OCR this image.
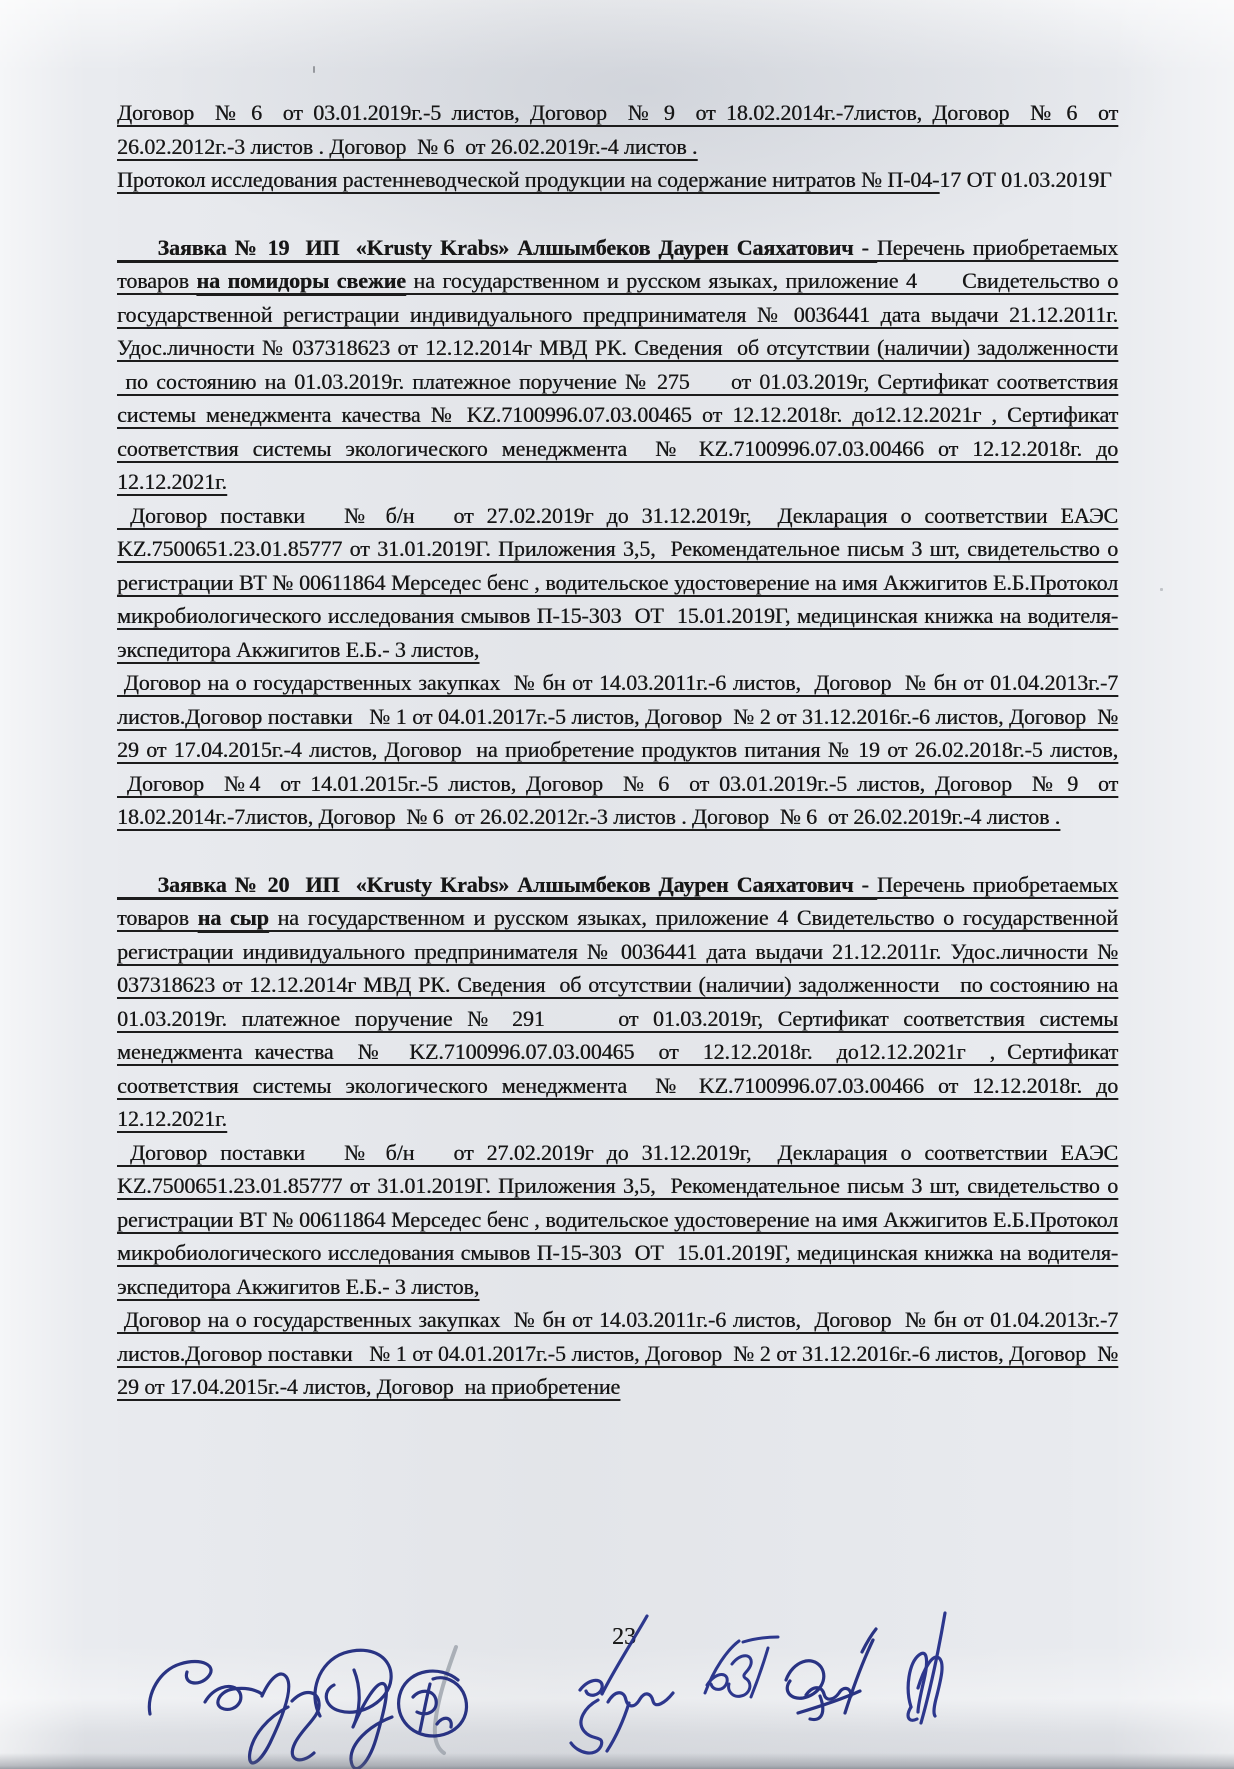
Договор  № 6  от 03.01.2019г.-5 листов, Договор  № 9  от 18.02.2014г.-7листов, Договор  № 6  от 26.02.2012г.-3 листов . Договор  № 6  от 26.02.2019г.-4 листов .

Протокол исследования растенневодческой продукции на содержание нитратов № П-04-17 ОТ 01.03.2019Г

Заявка № 19  ИП  «Krusty Krabs» Алшымбеков Даурен Саяхатович - Перечень приобретаемых товаров на помидоры свежие на государственном и русском языках, приложение 4      Свидетельство о государственной регистрации индивидуального предпринимателя № 0036441 дата выдачи 21.12.2011г. Удос.личности № 037318623 от 12.12.2014г МВД РК. Сведения  об отсутствии (наличии) задолженности  по состоянию на 01.03.2019г. платежное поручение № 275     от 01.03.2019г, Сертификат соответствия системы менеджмента качества № KZ.7100996.07.03.00465 от 12.12.2018г. до12.12.2021г , Сертификат соответствия системы экологического менеджмента  № KZ.7100996.07.03.00466 от 12.12.2018г. до 12.12.2021г.

Договор поставки   № б/н   от 27.02.2019г до 31.12.2019г,  Декларация о соответствии ЕАЭС KZ.7500651.23.01.85777 от 31.01.2019Г. Приложения 3,5,  Рекомендательное письм 3 шт, свидетельство о регистрации ВТ № 00611864 Мерседес бенс , водительское удостоверение на имя Акжигитов Е.Б.Протокол микробиологического исследования смывов П-15-303  ОТ  15.01.2019Г, медицинская книжка на водителя-экспедитора Акжигитов Е.Б.- 3 листов,

Договор на о государственных закупках  № бн от 14.03.2011г.-6 листов,  Договор  № бн от 01.04.2013г.-7 листов.Договор поставки   № 1 от 04.01.2017г.-5 листов, Договор  № 2 от 31.12.2016г.-6 листов, Договор  № 29 от 17.04.2015г.-4 листов, Договор  на приобретение продуктов питания № 19 от 26.02.2018г.-5 листов,  Договор  №4  от 14.01.2015г.-5 листов, Договор  № 6  от 03.01.2019г.-5 листов, Договор  № 9  от 18.02.2014г.-7листов, Договор  № 6  от 26.02.2012г.-3 листов . Договор  № 6  от 26.02.2019г.-4 листов .

Заявка № 20  ИП  «Krusty Krabs» Алшымбеков Даурен Саяхатович - Перечень приобретаемых товаров на сыр на государственном и русском языках, приложение 4 Свидетельство о государственной регистрации индивидуального предпринимателя № 0036441 дата выдачи 21.12.2011г. Удос.личности № 037318623 от 12.12.2014г МВД РК. Сведения  об отсутствии (наличии) задолженности   по состоянию на 01.03.2019г. платежное поручение № 291     от 01.03.2019г, Сертификат соответствия системы менеджмента качества  №  KZ.7100996.07.03.00465  от  12.12.2018г.  до12.12.2021г  , Сертификат соответствия системы экологического менеджмента  № KZ.7100996.07.03.00466 от 12.12.2018г. до 12.12.2021г.

Договор поставки   № б/н   от 27.02.2019г до 31.12.2019г,  Декларация о соответствии ЕАЭС KZ.7500651.23.01.85777 от 31.01.2019Г. Приложения 3,5,  Рекомендательное письм 3 шт, свидетельство о регистрации ВТ № 00611864 Мерседес бенс , водительское удостоверение на имя Акжигитов Е.Б.Протокол микробиологического исследования смывов П-15-303  ОТ  15.01.2019Г, медицинская книжка на водителя-экспедитора Акжигитов Е.Б.- 3 листов,

Договор на о государственных закупках  № бн от 14.03.2011г.-6 листов,  Договор  № бн от 01.04.2013г.-7 листов.Договор поставки   № 1 от 04.01.2017г.-5 листов, Договор  № 2 от 31.12.2016г.-6 листов, Договор  № 29 от 17.04.2015г.-4 листов, Договор  на приобретение

23
